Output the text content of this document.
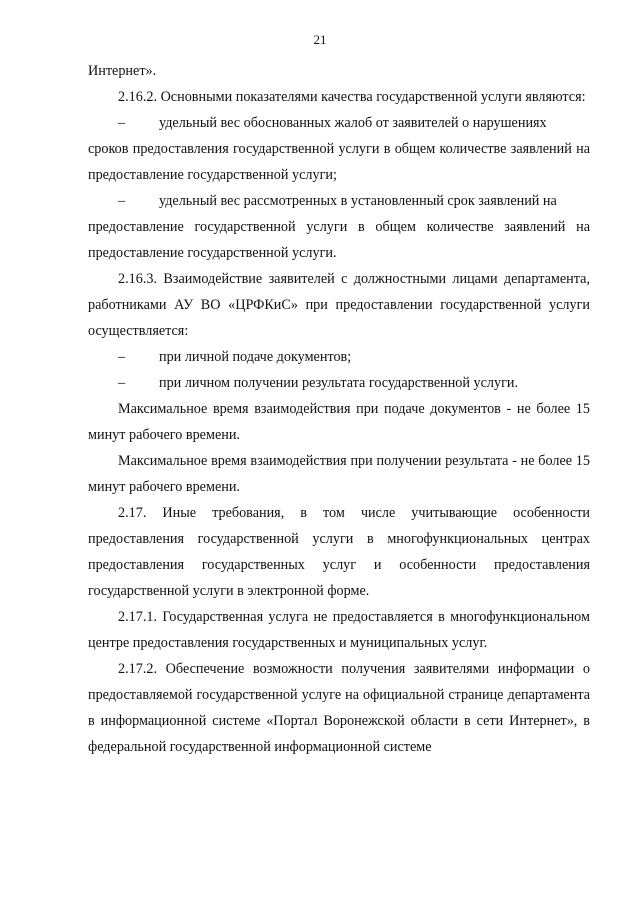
21

Интернет».

2.16.2. Основными показателями качества государственной услуги являются:

–	удельный вес обоснованных жалоб от заявителей о нарушениях

сроков предоставления государственной услуги в общем количестве заявлений на предоставление государственной услуги;

–	удельный вес рассмотренных в установленный срок заявлений на

предоставление государственной услуги в общем количестве заявлений на предоставление государственной услуги.

2.16.3. Взаимодействие заявителей с должностными лицами департамента, работниками АУ ВО «ЦРФКиС» при предоставлении государственной услуги осуществляется:

–	при личной подаче документов;
–	при личном получении результата государственной услуги.

Максимальное время взаимодействия при подаче документов - не более 15 минут рабочего времени.

Максимальное время взаимодействия при получении результата - не более 15 минут рабочего времени.

2.17. Иные требования, в том числе учитывающие особенности предоставления государственной услуги в многофункциональных центрах предоставления государственных услуг и особенности предоставления государственной услуги в электронной форме.

2.17.1. Государственная услуга не предоставляется в многофункциональном центре предоставления государственных и муниципальных услуг.

2.17.2. Обеспечение возможности получения заявителями информации о предоставляемой государственной услуге на официальной странице департамента в информационной системе «Портал Воронежской области в сети Интернет», в федеральной государственной информационной системе
